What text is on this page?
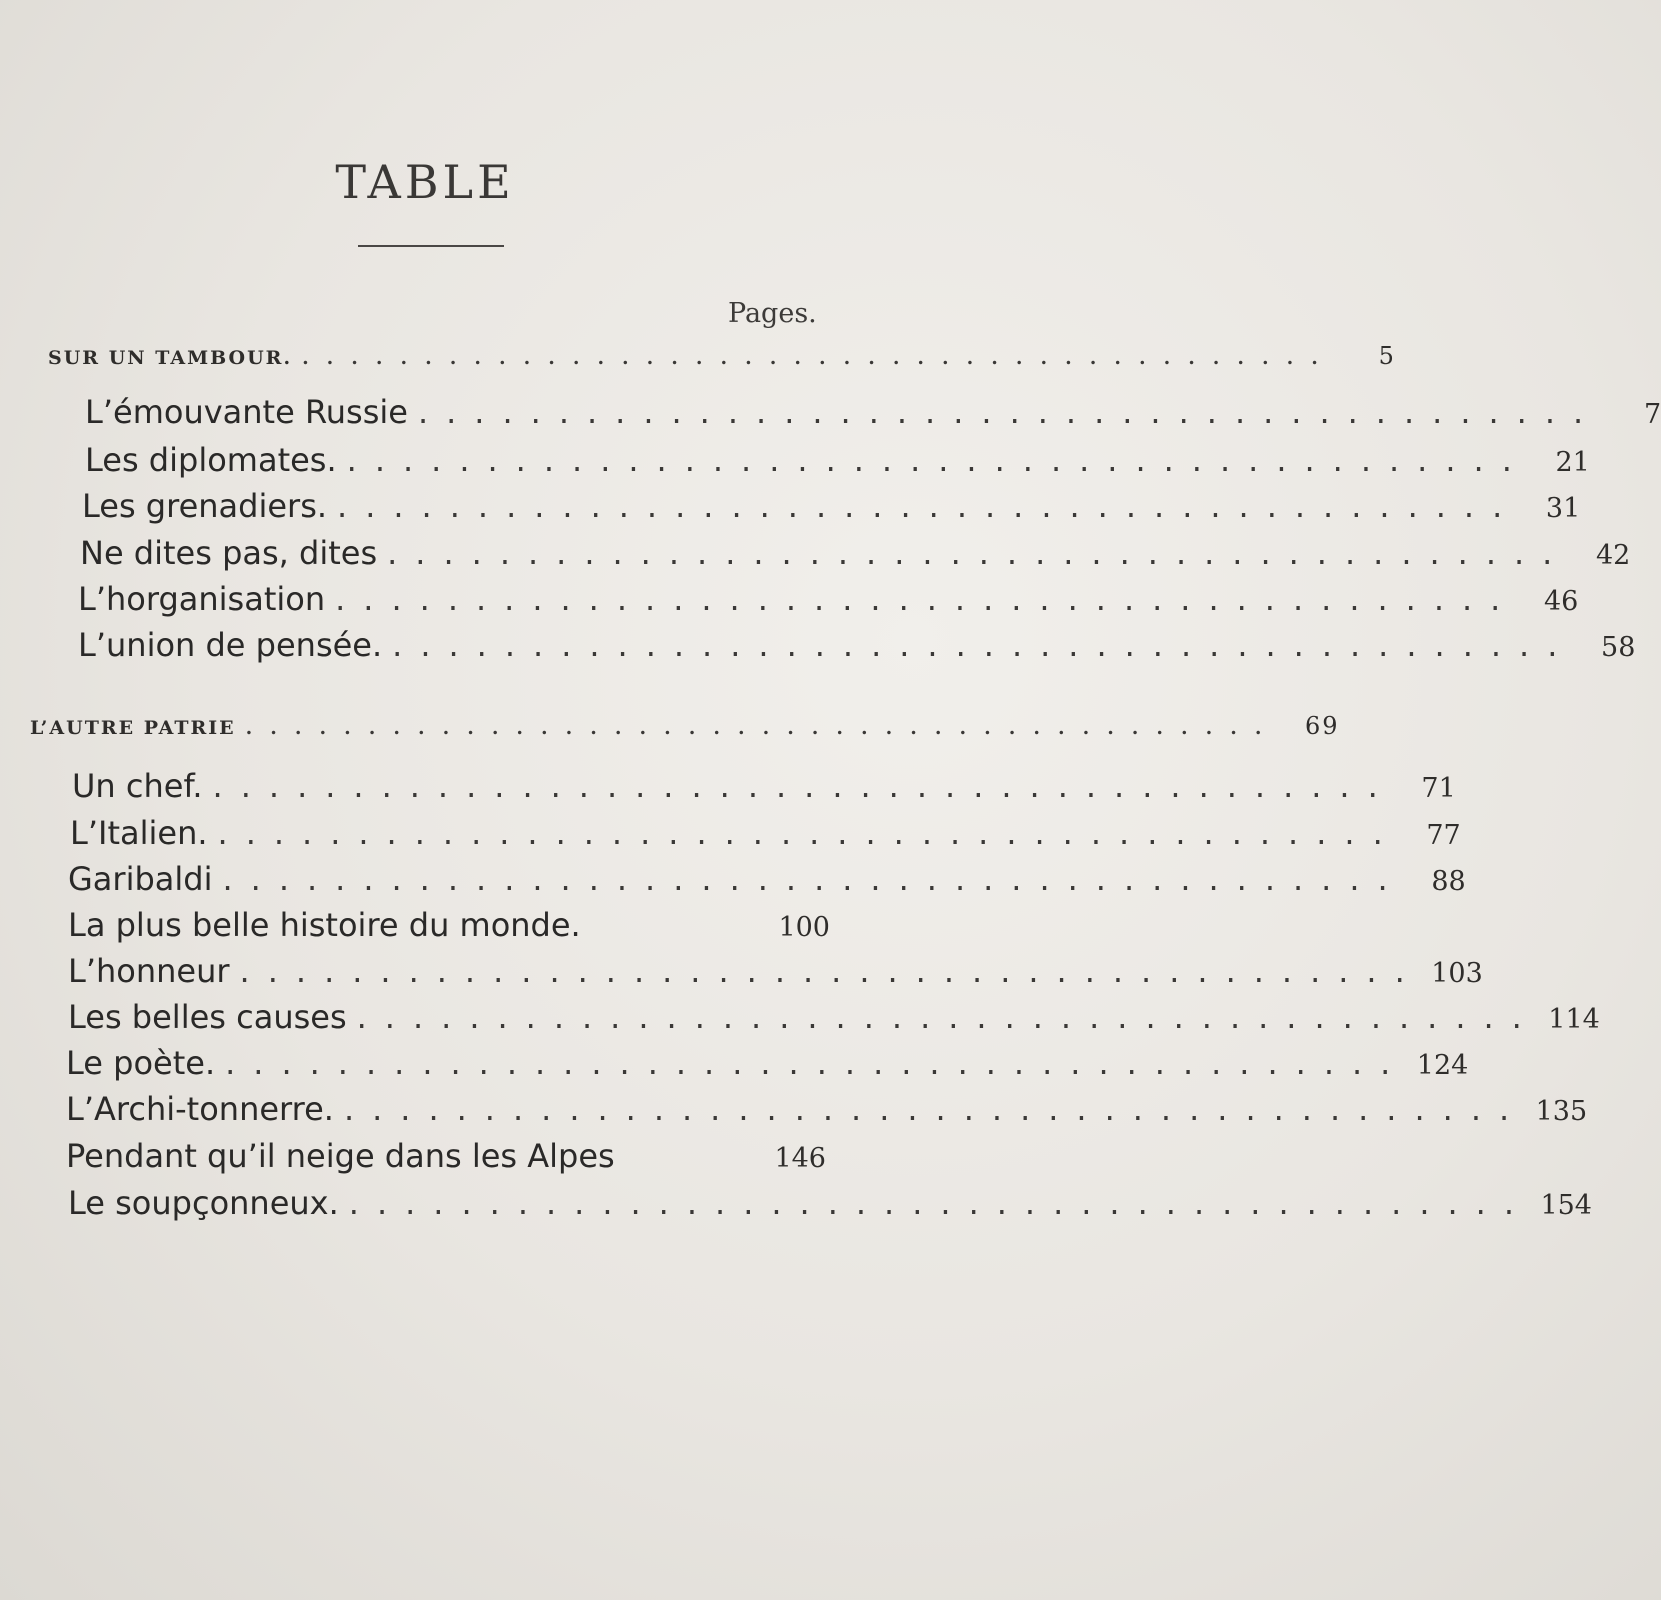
TABLE
Pages.
SUR UN TAMBOUR. ..........................................	5
L’émouvante Russie ..........................................	7
Les diplomates. .......................................... 21
Les grenadiers. .......................................... 31
Ne dites pas, dites .......................................... 42
L’horganisation .......................................... 46
L’union de pensée. .......................................... 58
L’AUTRE PATRIE ..........................................	69
Un chef. .......................................... 71
L’Italien. .......................................... 77
Garibaldi .......................................... 88
La plus belle histoire du monde.	100
L’honneur .......................................... 103
Les belles causes .......................................... 114
Le poète. .......................................... 124
L’Archi-tonnerre. .......................................... 135
Pendant qu’il neige dans les Alpes	146
Le soupçonneux. .......................................... 154
